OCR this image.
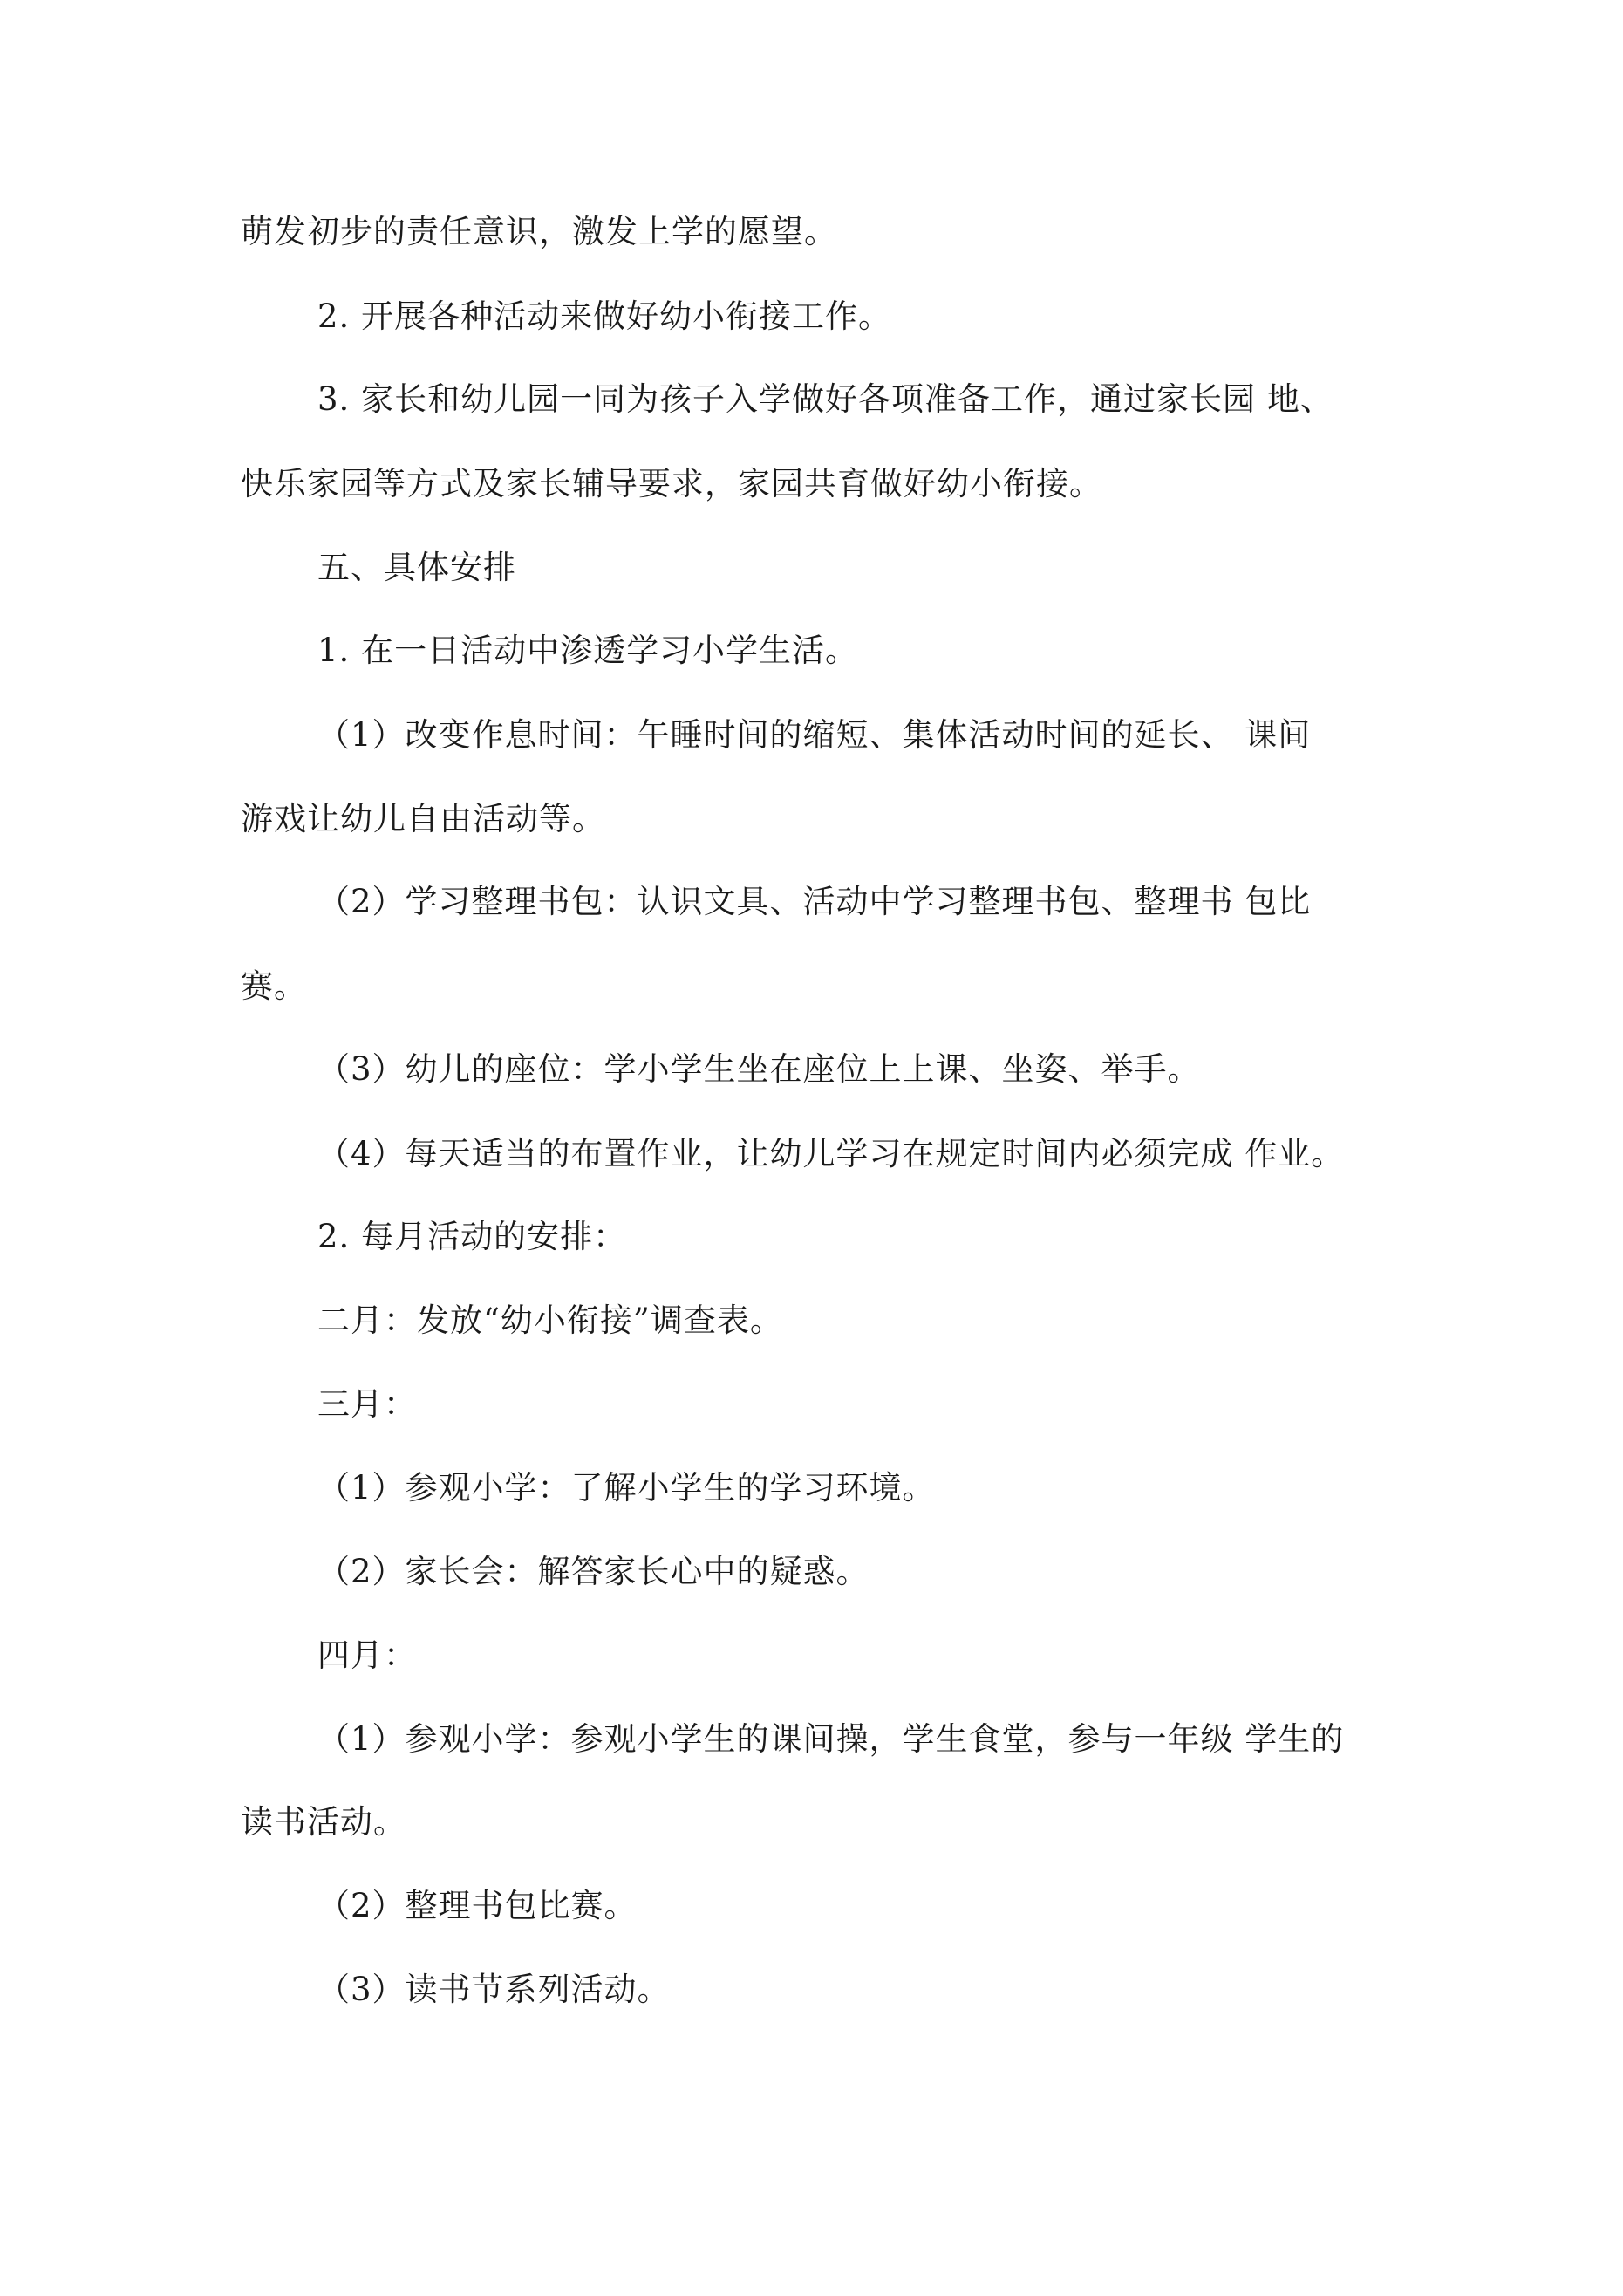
萌发初步的责任意识，激发上学的愿望。
2. 开展各种活动来做好幼小衔接工作。
3. 家长和幼儿园一同为孩子入学做好各项准备工作，通过家长园 地、
快乐家园等方式及家长辅导要求，家园共育做好幼小衔接。
五、具体安排
1. 在一日活动中渗透学习小学生活。
（1）改变作息时间：午睡时间的缩短、集体活动时间的延长、 课间
游戏让幼儿自由活动等。
（2）学习整理书包：认识文具、活动中学习整理书包、整理书 包比
赛。
（3）幼儿的座位：学小学生坐在座位上上课、坐姿、举手。
（4）每天适当的布置作业，让幼儿学习在规定时间内必须完成 作业。
2. 每月活动的安排：
二月：发放“幼小衔接”调查表。
三月：
（1）参观小学：了解小学生的学习环境。
（2）家长会：解答家长心中的疑惑。
四月：
（1）参观小学：参观小学生的课间操，学生食堂，参与一年级 学生的
读书活动。
（2）整理书包比赛。
（3）读书节系列活动。
